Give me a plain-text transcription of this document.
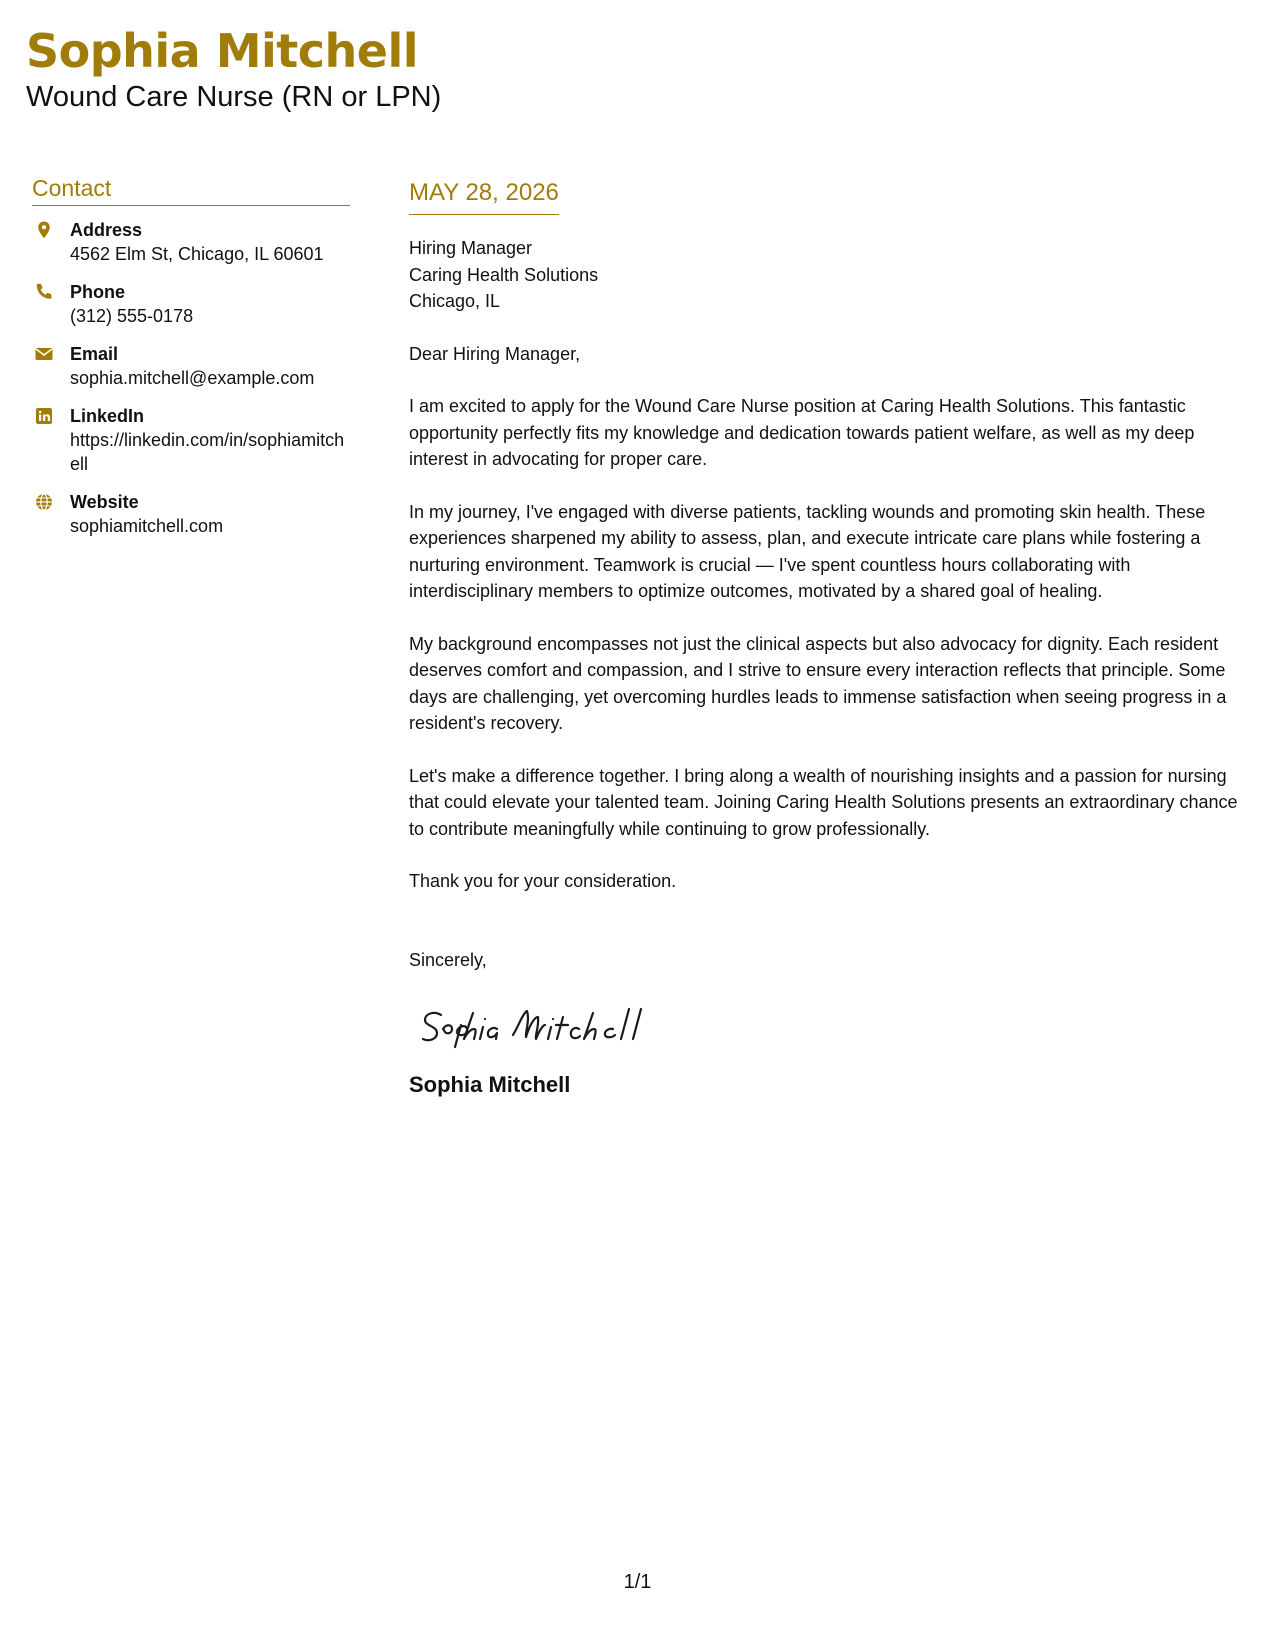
Sophia Mitchell
Wound Care Nurse (RN or LPN)
Contact
Address
4562 Elm St, Chicago, IL 60601
Phone
(312) 555-0178
Email
sophia.mitchell@example.com
LinkedIn
https://linkedin.com/in/sophiamitchell
Website
sophiamitchell.com
MAY 28, 2026
Hiring Manager
Caring Health Solutions
Chicago, IL

Dear Hiring Manager,

I am excited to apply for the Wound Care Nurse position at Caring Health Solutions. This fantastic opportunity perfectly fits my knowledge and dedication towards patient welfare, as well as my deep interest in advocating for proper care.

In my journey, I've engaged with diverse patients, tackling wounds and promoting skin health. These experiences sharpened my ability to assess, plan, and execute intricate care plans while fostering a nurturing environment. Teamwork is crucial — I've spent countless hours collaborating with interdisciplinary members to optimize outcomes, motivated by a shared goal of healing.

My background encompasses not just the clinical aspects but also advocacy for dignity. Each resident deserves comfort and compassion, and I strive to ensure every interaction reflects that principle. Some days are challenging, yet overcoming hurdles leads to immense satisfaction when seeing progress in a resident's recovery.

Let's make a difference together. I bring along a wealth of nourishing insights and a passion for nursing that could elevate your talented team. Joining Caring Health Solutions presents an extraordinary chance to contribute meaningfully while continuing to grow professionally.

Thank you for your consideration.

Sincerely,
Sophia Mitchell
1/1
